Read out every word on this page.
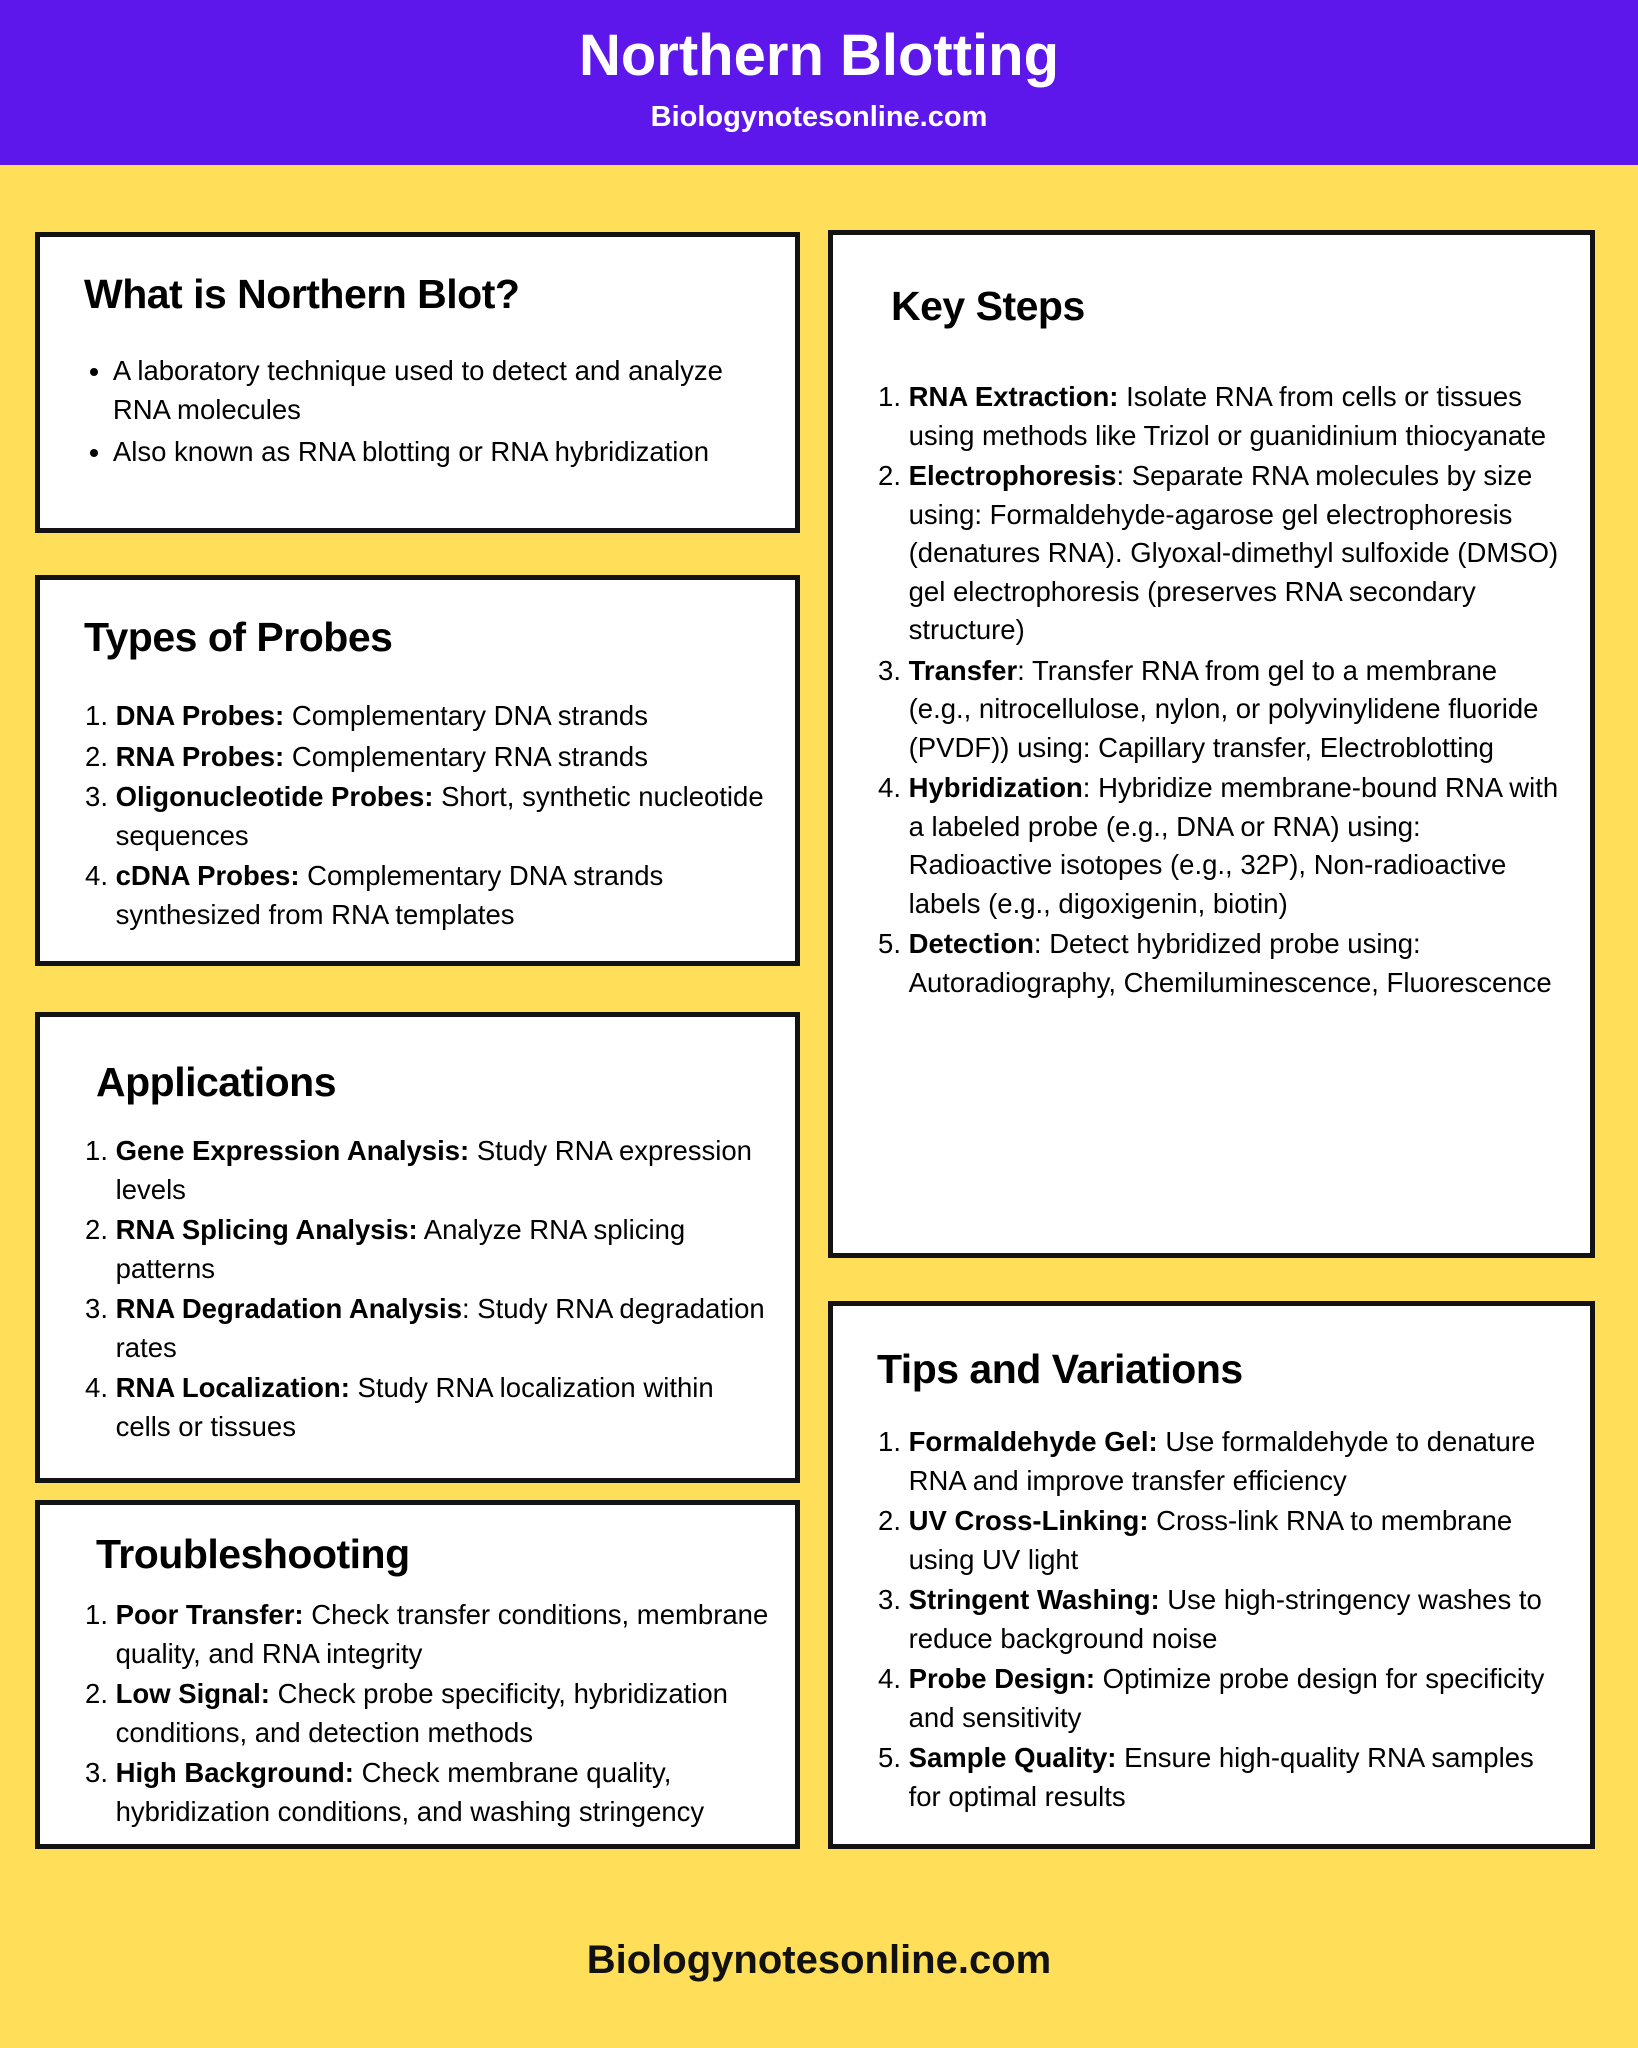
Northern Blotting
Biologynotesonline.com
What is Northern Blot?
• A laboratory technique used to detect and analyze RNA molecules
• Also known as RNA blotting or RNA hybridization
Types of Probes
1. DNA Probes: Complementary DNA strands
2. RNA Probes: Complementary RNA strands
3. Oligonucleotide Probes: Short, synthetic nucleotide sequences
4. cDNA Probes: Complementary DNA strands synthesized from RNA templates
Applications
1. Gene Expression Analysis: Study RNA expression levels
2. RNA Splicing Analysis: Analyze RNA splicing patterns
3. RNA Degradation Analysis: Study RNA degradation rates
4. RNA Localization: Study RNA localization within cells or tissues
Troubleshooting
1. Poor Transfer: Check transfer conditions, membrane quality, and RNA integrity
2. Low Signal: Check probe specificity, hybridization conditions, and detection methods
3. High Background: Check membrane quality, hybridization conditions, and washing stringency
Key Steps
1. RNA Extraction: Isolate RNA from cells or tissues using methods like Trizol or guanidinium thiocyanate
2. Electrophoresis: Separate RNA molecules by size using: Formaldehyde-agarose gel electrophoresis (denatures RNA). Glyoxal-dimethyl sulfoxide (DMSO) gel electrophoresis (preserves RNA secondary structure)
3. Transfer: Transfer RNA from gel to a membrane (e.g., nitrocellulose, nylon, or polyvinylidene fluoride (PVDF)) using: Capillary transfer, Electroblotting
4. Hybridization: Hybridize membrane-bound RNA with a labeled probe (e.g., DNA or RNA) using: Radioactive isotopes (e.g., 32P), Non-radioactive labels (e.g., digoxigenin, biotin)
5. Detection: Detect hybridized probe using: Autoradiography, Chemiluminescence, Fluorescence
Tips and Variations
1. Formaldehyde Gel: Use formaldehyde to denature RNA and improve transfer efficiency
2. UV Cross-Linking: Cross-link RNA to membrane using UV light
3. Stringent Washing: Use high-stringency washes to reduce background noise
4. Probe Design: Optimize probe design for specificity and sensitivity
5. Sample Quality: Ensure high-quality RNA samples for optimal results
Biologynotesonline.com
